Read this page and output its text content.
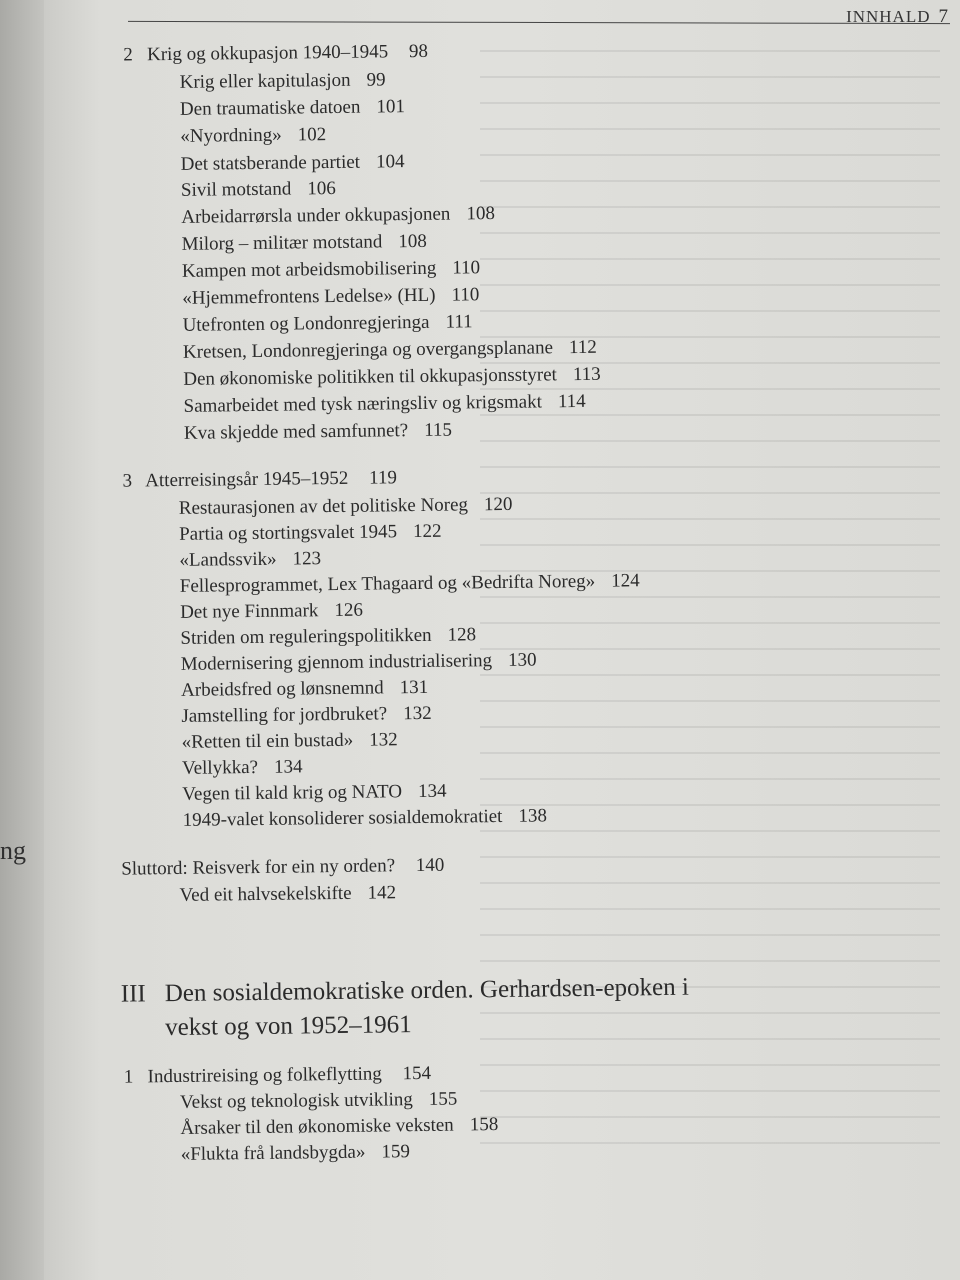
ng
INNHALD 7
2 Krig og okkupasjon 1940–1945 98
Krig eller kapitulasjon 99
Den traumatiske datoen 101
«Nyordning» 102
Det statsberande partiet 104
Sivil motstand 106
Arbeidarrørsla under okkupasjonen 108
Milorg – militær motstand 108
Kampen mot arbeidsmobilisering 110
«Hjemmefrontens Ledelse» (HL) 110
Utefronten og Londonregjeringa 111
Kretsen, Londonregjeringa og overgangsplanane 112
Den økonomiske politikken til okkupasjonsstyret 113
Samarbeidet med tysk næringsliv og krigsmakt 114
Kva skjedde med samfunnet? 115
3 Atterreisingsår 1945–1952 119
Restaurasjonen av det politiske Noreg 120
Partia og stortingsvalet 1945 122
«Landssvik» 123
Fellesprogrammet, Lex Thagaard og «Bedrifta Noreg» 124
Det nye Finnmark 126
Striden om reguleringspolitikken 128
Modernisering gjennom industrialisering 130
Arbeidsfred og lønsnemnd 131
Jamstelling for jordbruket? 132
«Retten til ein bustad» 132
Vellykka? 134
Vegen til kald krig og NATO 134
1949-valet konsoliderer sosialdemokratiet 138
Sluttord: Reisverk for ein ny orden? 140
Ved eit halvsekelskifte 142
III Den sosialdemokratiske orden. Gerhardsen-epoken i
vekst og von 1952–1961
1 Industrireising og folkeflytting 154
Vekst og teknologisk utvikling 155
Årsaker til den økonomiske veksten 158
«Flukta frå landsbygda» 159
